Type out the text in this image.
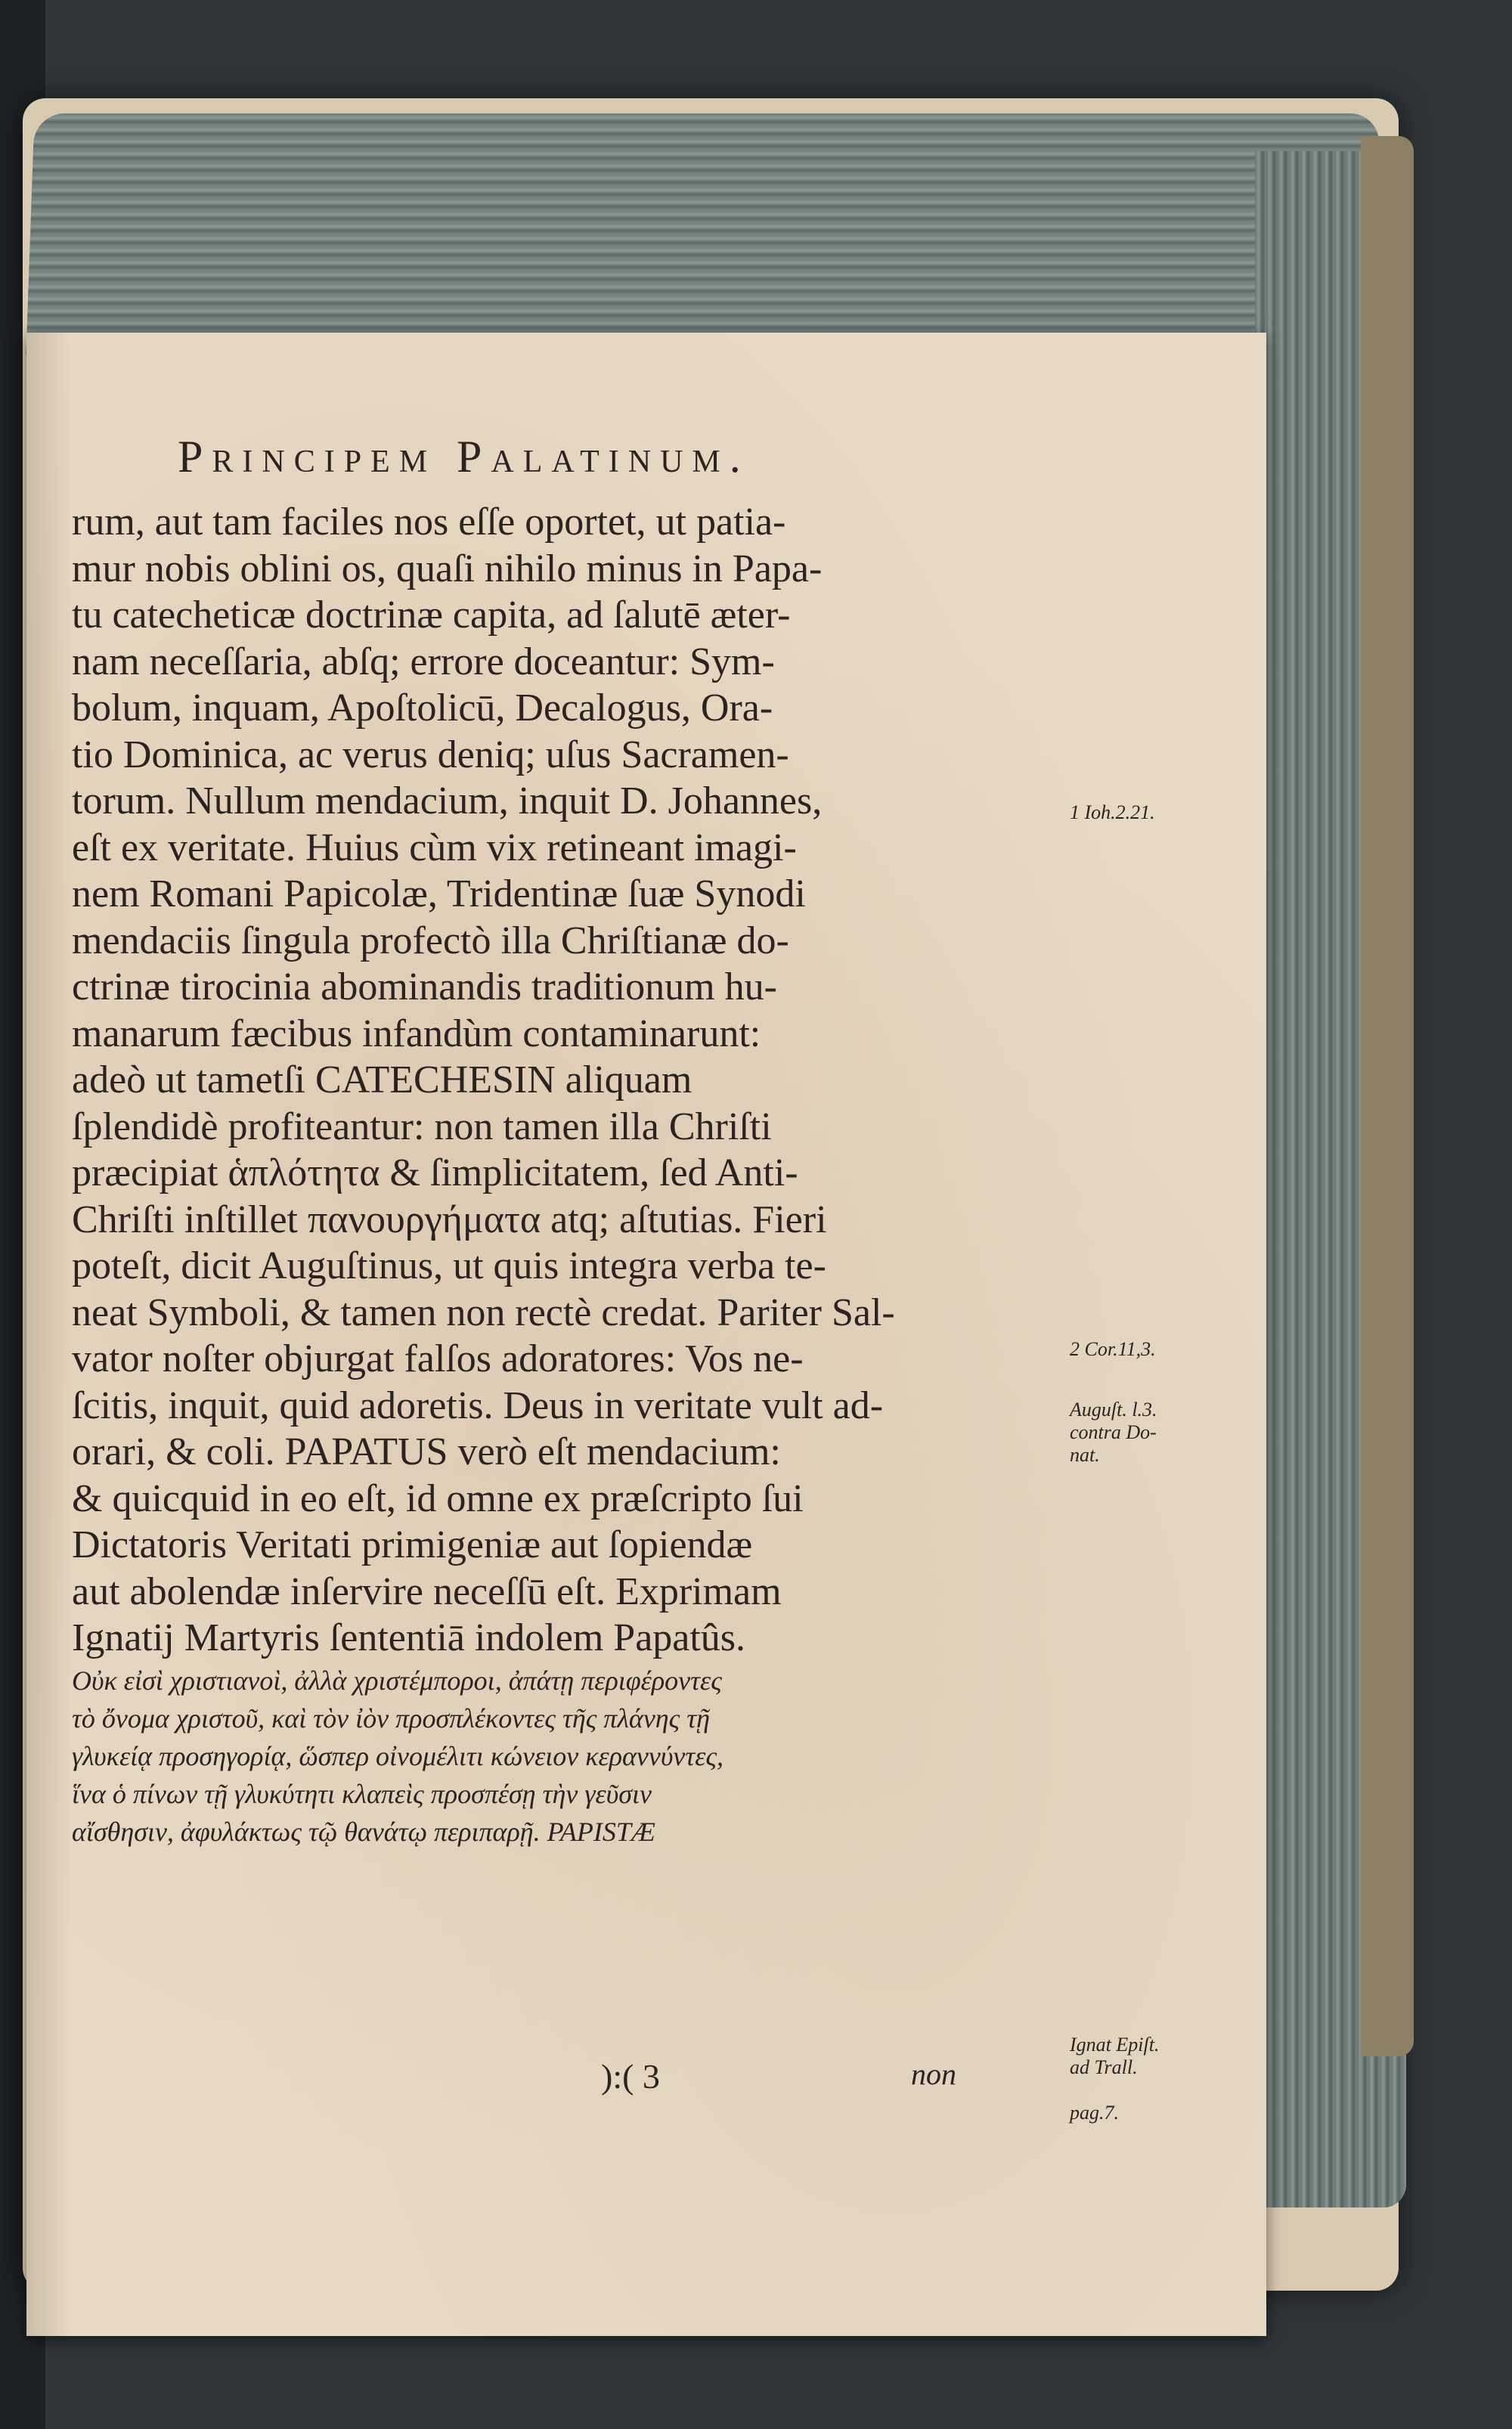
Principem Palatinum.
rum, aut tam faciles nos eſſe oportet, ut patia-
mur nobis oblini os, quaſi nihilo minus in Papa-
tu catecheticæ doctrinæ capita, ad ſalutē æter-
nam neceſſaria, abſq; errore doceantur: Sym-
bolum, inquam, Apoſtolicū, Decalogus, Ora-
tio Dominica, ac verus deniq; uſus Sacramen-
torum. Nullum mendacium, inquit D. Johannes,
eſt ex veritate. Huius cùm vix retineant imagi-
nem Romani Papicolæ, Tridentinæ ſuæ Synodi
mendaciis ſingula profectò illa Chriſtianæ do-
ctrinæ tirocinia abominandis traditionum hu-
manarum fæcibus infandùm contaminarunt:
adeò ut tametſi CATECHESIN aliquam
ſplendidè profiteantur: non tamen illa Chriſti
præcipiat ἁπλότητα & ſimplicitatem, ſed Anti-
Chriſti inſtillet πανουργήματα atq; aſtutias. Fieri
poteſt, dicit Auguſtinus, ut quis integra verba te-
neat Symboli, & tamen non rectè credat. Pariter Sal-
vator noſter objurgat falſos adoratores: Vos ne-
ſcitis, inquit, quid adoretis. Deus in veritate vult ad-
orari, & coli. PAPATUS verò eſt mendacium:
& quicquid in eo eſt, id omne ex præſcripto ſui
Dictatoris Veritati primigeniæ aut ſopiendæ
aut abolendæ inſervire neceſſū eſt. Exprimam
Ignatij Martyris ſententiā indolem Papatûs.
Οὐκ εἰσὶ χριστιανοὶ, ἀλλὰ χριστέμποροι, ἀπάτῃ περιφέροντες
τὸ ὄνομα χριστοῦ, καὶ τὸν ἰὸν προσπλέκοντες τῆς πλάνης τῇ
γλυκείᾳ προσηγορίᾳ, ὥσπερ οἰνομέλιτι κώνειον κεραννύντες,
ἵνα ὁ πίνων τῇ γλυκύτητι κλαπεὶς προσπέσῃ τὴν γεῦσιν
αἴσθησιν, ἀφυλάκτως τῷ θανάτῳ περιπαρῇ. PAPISTÆ
1 Ioh.2.21.
2 Cor.11,3.
Auguſt. l.3.
contra Do-
nat.
Ignat Epiſt.
ad Trall.
pag.7.
):( 3	non
